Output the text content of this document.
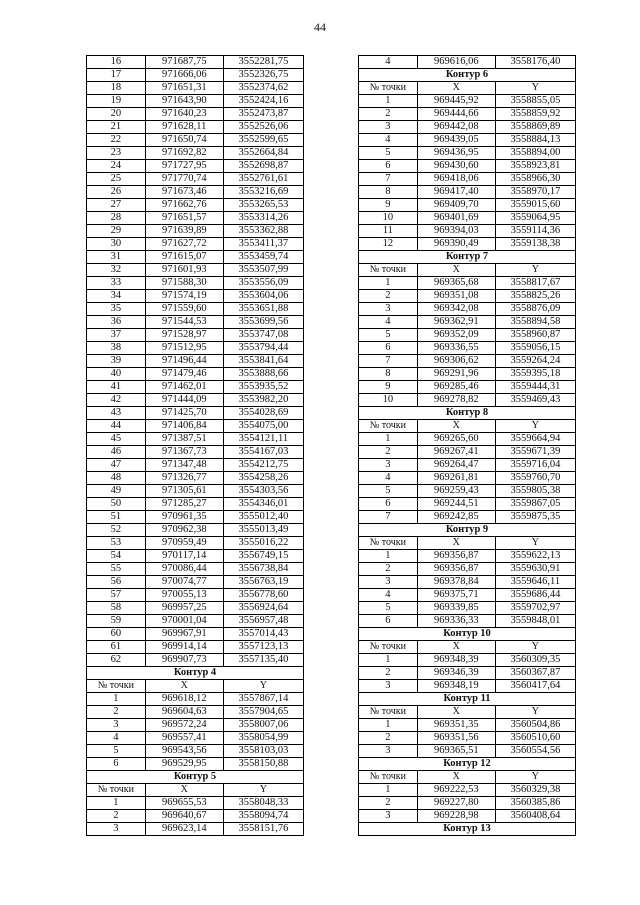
44
16	971687,75	3552281,75
17	971666,06	3552326,75
18	971651,31	3552374,62
19	971643,90	3552424,16
20	971640,23	3552473,87
21	971628,11	3552526,06
22	971650,74	3552599,65
23	971692,82	3552664,84
24	971727,95	3552698,87
25	971770,74	3552761,61
26	971673,46	3553216,69
27	971662,76	3553265,53
28	971651,57	3553314,26
29	971639,89	3553362,88
30	971627,72	3553411,37
31	971615,07	3553459,74
32	971601,93	3553507,99
33	971588,30	3553556,09
34	971574,19	3553604,06
35	971559,60	3553651,88
36	971544,53	3553699,56
37	971528,97	3553747,08
38	971512,95	3553794,44
39	971496,44	3553841,64
40	971479,46	3553888,66
41	971462,01	3553935,52
42	971444,09	3553982,20
43	971425,70	3554028,69
44	971406,84	3554075,00
45	971387,51	3554121,11
46	971367,73	3554167,03
47	971347,48	3554212,75
48	971326,77	3554258,26
49	971305,61	3554303,56
50	971285,27	3554346,01
51	970961,35	3555012,40
52	970962,38	3555013,49
53	970959,49	3555016,22
54	970117,14	3556749,15
55	970086,44	3556738,84
56	970074,77	3556763,19
57	970055,13	3556778,60
58	969957,25	3556924,64
59	970001,04	3556957,48
60	969967,91	3557014,43
61	969914,14	3557123,13
62	969907,73	3557135,40
Контур 4		
№ точки	X	Y
1	969618,12	3557867,14
2	969604,63	3557904,65
3	969572,24	3558007,06
4	969557,41	3558054,99
5	969543,56	3558103,03
6	969529,95	3558150,88
Контур 5		
№ точки	X	Y
1	969655,53	3558048,33
2	969640,67	3558094,74
3	969623,14	3558151,76
4	969616,06	3558176,40
Контур 6		
№ точки	X	Y
1	969445,92	3558855,05
2	969444,66	3558859,92
3	969442,08	3558869,89
4	969439,05	3558884,13
5	969436,95	3558894,00
6	969430,60	3558923,81
7	969418,06	3558966,30
8	969417,40	3558970,17
9	969409,70	3559015,60
10	969401,69	3559064,95
11	969394,03	3559114,36
12	969390,49	3559138,38
Контур 7		
№ точки	X	Y
1	969365,68	3558817,67
2	969351,08	3558825,26
3	969342,08	3558876,09
4	969362,91	3558894,58
5	969352,09	3558960,87
6	969336,55	3559056,15
7	969306,62	3559264,24
8	969291,96	3559395,18
9	969285,46	3559444,31
10	969278,82	3559469,43
Контур 8		
№ точки	X	Y
1	969265,60	3559664,94
2	969267,41	3559671,39
3	969264,47	3559716,04
4	969261,81	3559760,70
5	969259,43	3559805,38
6	969244,51	3559867,05
7	969242,85	3559875,35
Контур 9		
№ точки	X	Y
1	969356,87	3559622,13
2	969356,87	3559630,91
3	969378,84	3559646,11
4	969375,71	3559686,44
5	969339,85	3559702,97
6	969336,33	3559848,01
Контур 10		
№ точки	X	Y
1	969348,39	3560309,35
2	969346,39	3560367,87
3	969348,19	3560417,64
Контур 11		
№ точки	X	Y
1	969351,35	3560504,86
2	969351,56	3560510,60
3	969365,51	3560554,56
Контур 12		
№ точки	X	Y
1	969222,53	3560329,38
2	969227,80	3560385,86
3	969228,98	3560408,64
Контур 13		
